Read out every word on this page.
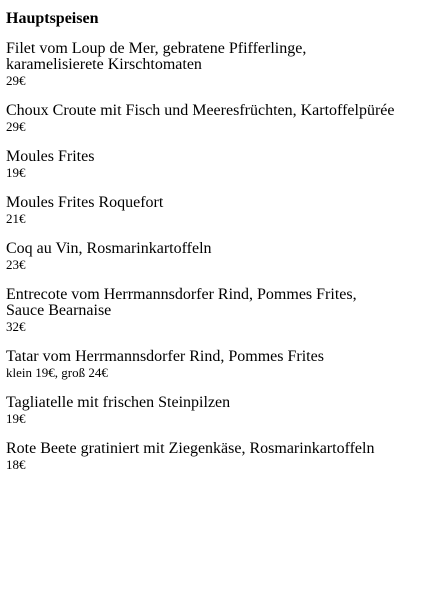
Hauptspeisen
Filet vom Loup de Mer, gebratene Pfifferlinge,
karamelisierete Kirschtomaten
29€
Choux Croute mit Fisch und Meeresfrüchten, Kartoffelpürée
29€
Moules Frites
19€
Moules Frites Roquefort
21€
Coq au Vin, Rosmarinkartoffeln
23€
Entrecote vom Herrmannsdorfer Rind, Pommes Frites,
Sauce Bearnaise
32€
Tatar vom Herrmannsdorfer Rind, Pommes Frites
klein 19€, groß 24€
Tagliatelle mit frischen Steinpilzen
19€
Rote Beete gratiniert mit Ziegenkäse, Rosmarinkartoffeln
18€
